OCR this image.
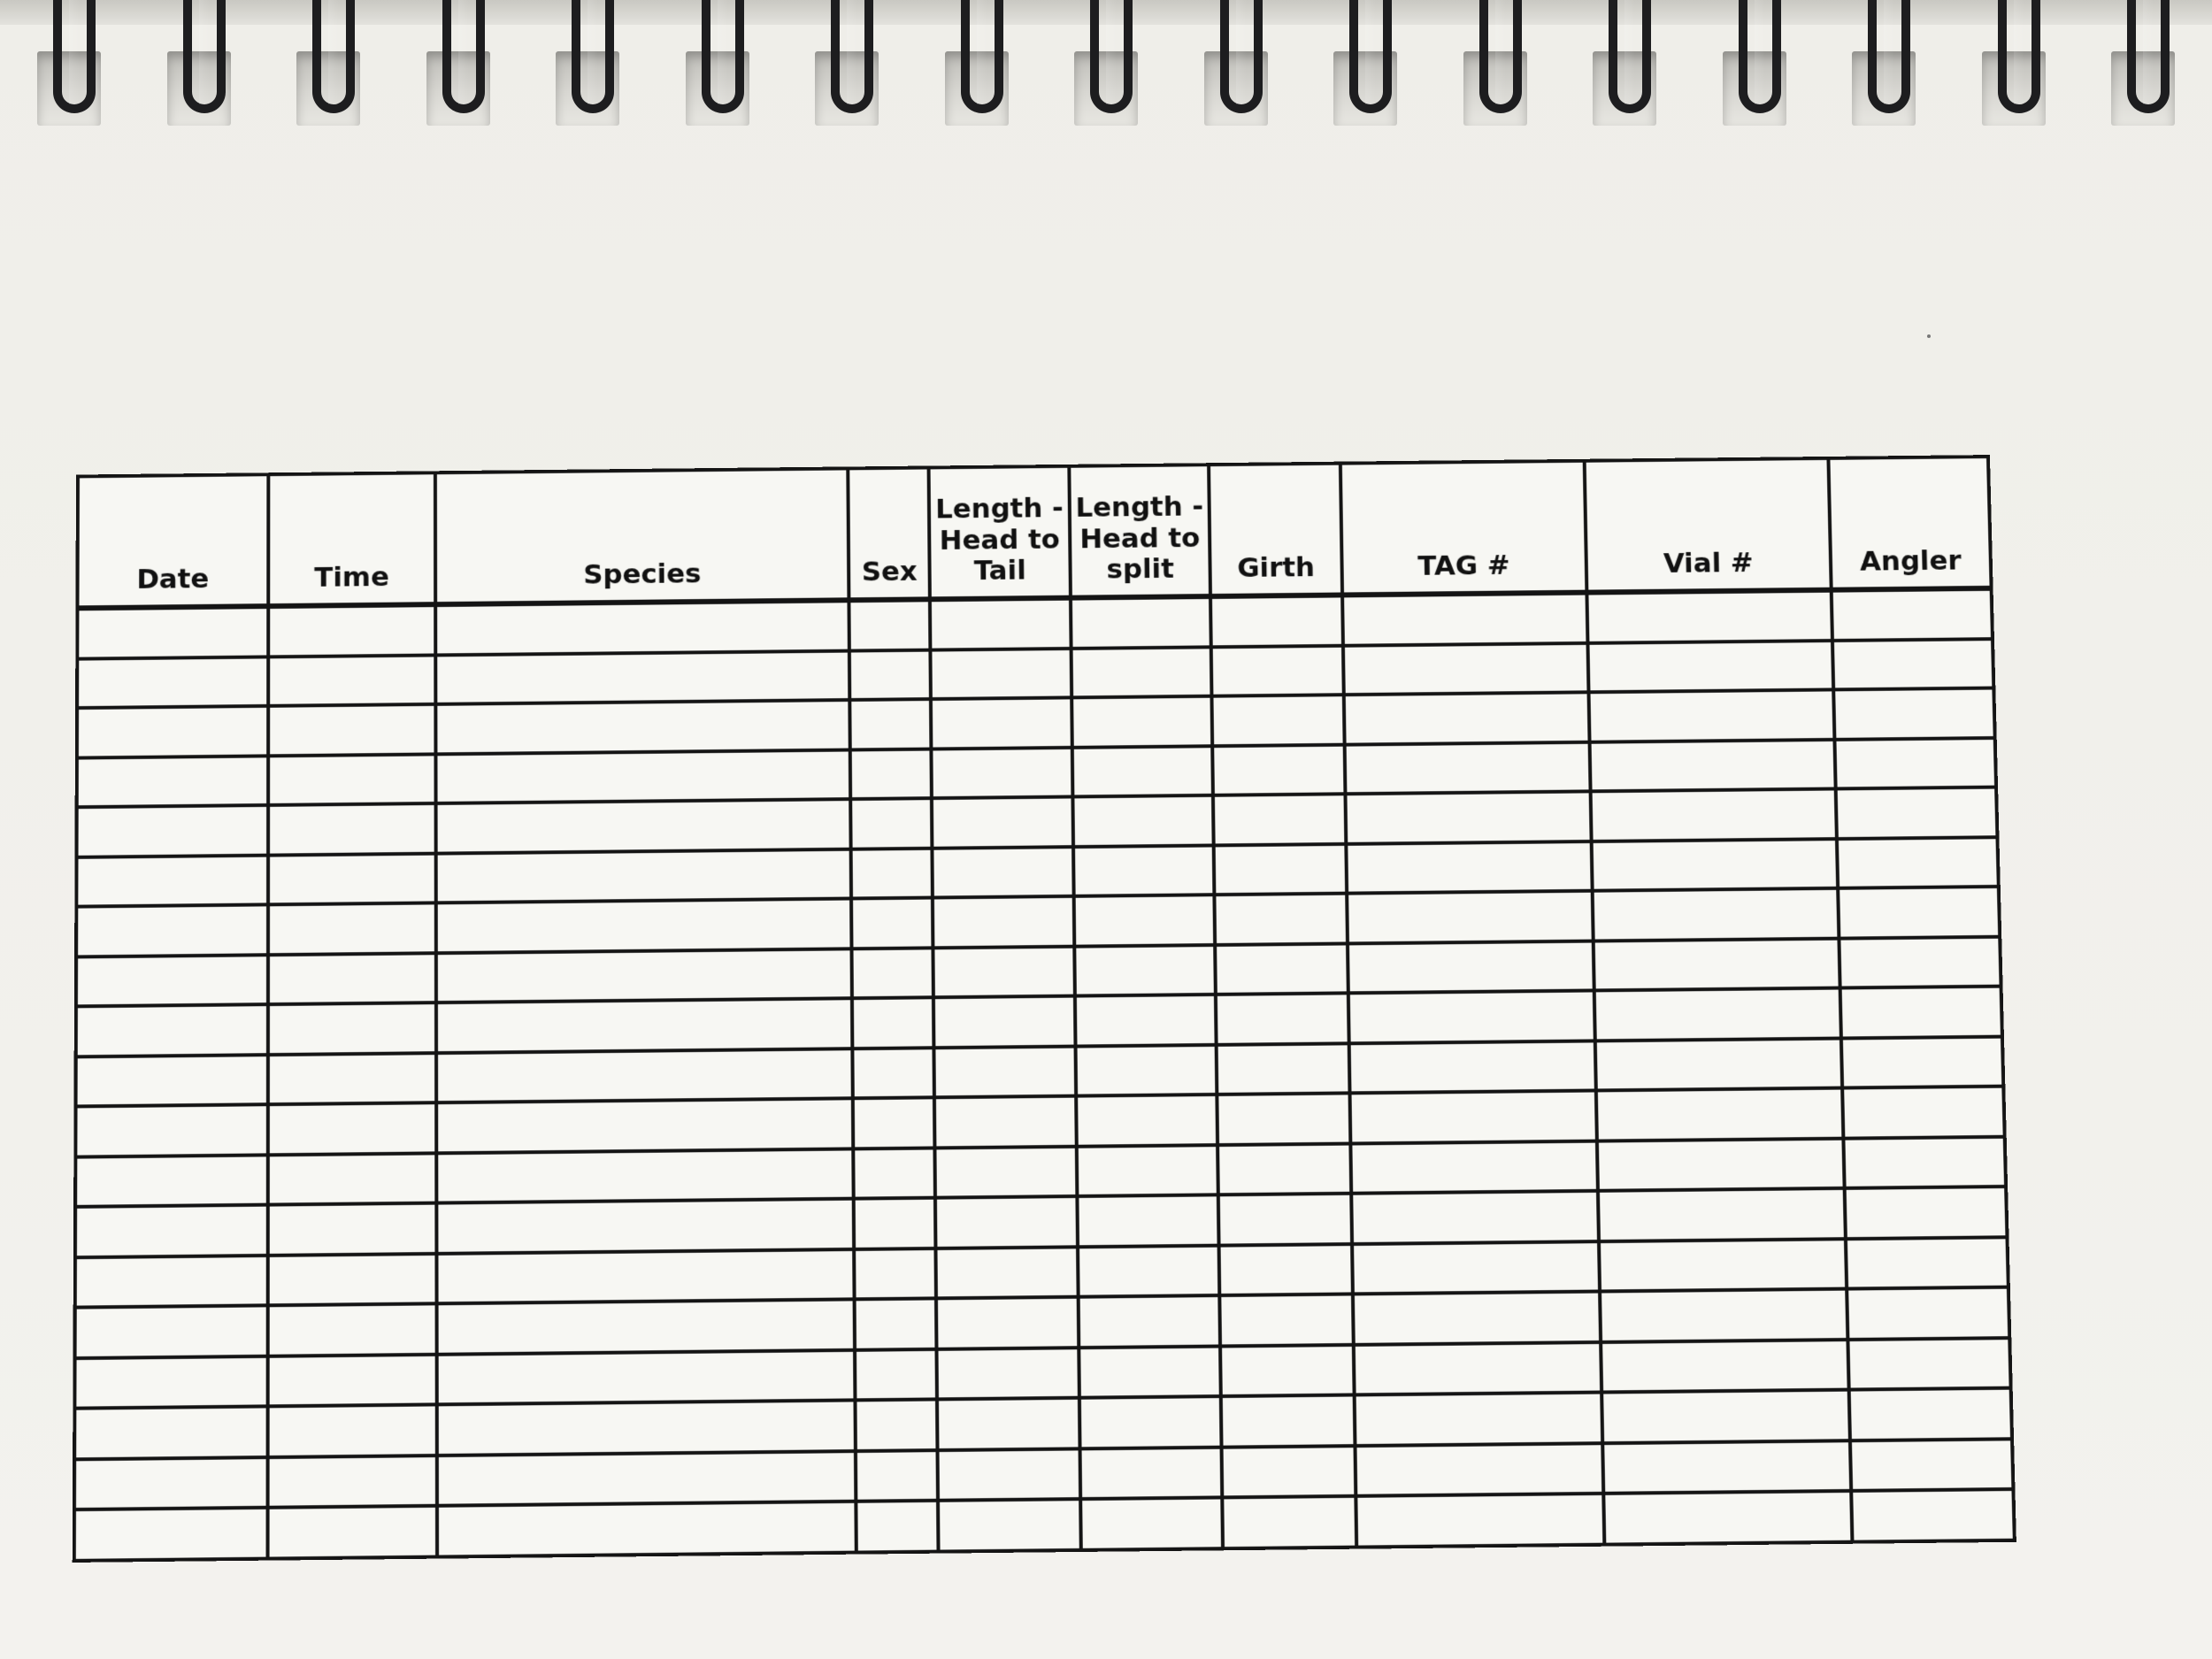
Date	Time	Species	Sex	Length -
Head to
Tail	Length -
Head to
split	Girth	TAG #	Vial #	Angler
